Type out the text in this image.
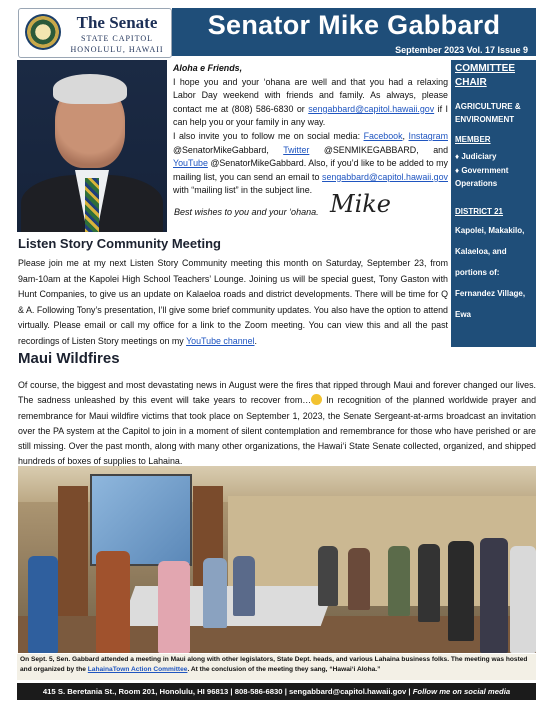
The Senate
STATE CAPITOL
HONOLULU, HAWAII
Senator Mike Gabbard
September 2023 Vol. 17 Issue 9

Aloha e Friends,

I hope you and your ‘ohana are well and that you had a relaxing Labor Day weekend with friends and family. As always, please contact me at (808) 586-6830 or sengabbard@capitol.hawaii.gov if I can help you or your family in any way.

I also invite you to follow me on social media: Facebook, Instagram @SenatorMikeGabbard, Twitter @SENMIKEGABBARD, and YouTube @SenatorMikeGabbard. Also, if you’d like to be added to my mailing list, you can send an email to sengabbard@capitol.hawaii.gov with “mailing list” in the subject line.

Best wishes to you and your ‘ohana. Mike
COMMITTEE
CHAIR
AGRICULTURE & ENVIRONMENT
MEMBER
♦ Judiciary
♦ Government Operations
DISTRICT 21
Kapolei, Makakilo, Kalaeloa, and portions of: Fernandez Village, Ewa
Listen Story Community Meeting
Please join me at my next Listen Story Community meeting this month on Saturday, September 23, from 9am-10am at the Kapolei High School Teachers’ Lounge. Joining us will be special guest, Tony Gaston with Hunt Companies, to give us an update on Kalaeloa roads and district developments. There will be time for Q & A. Following Tony’s presentation, I’ll give some brief community updates. You also have the option to attend virtually. Please email or call my office for a link to the Zoom meeting. You can view this and all the past recordings of Listen Story meetings on my YouTube channel.
Maui Wildfires
Of course, the biggest and most devastating news in August were the fires that ripped through Maui and forever changed our lives. The sadness unleashed by this event will take years to recover from… In recognition of the planned worldwide prayer and remembrance for Maui wildfire victims that took place on September 1, 2023, the Senate Sergeant-at-arms broadcast an invitation over the PA system at the Capitol to join in a moment of silent contemplation and remembrance for those who have perished or are still missing. Over the past month, along with many other organizations, the Hawai‘i State Senate collected, organized, and shipped hundreds of boxes of supplies to Lahaina.
On Sept. 5, Sen. Gabbard attended a meeting in Maui along with other legislators, State Dept. heads, and various Lahaina business folks. The meeting was hosted and organized by the LahainaTown Action Committee. At the conclusion of the meeting they sang, “Hawai‘i Aloha.”
415 S. Beretania St., Room 201, Honolulu, HI 96813 | 808-586-6830 | sengabbard@capitol.hawaii.gov | Follow me on social media
